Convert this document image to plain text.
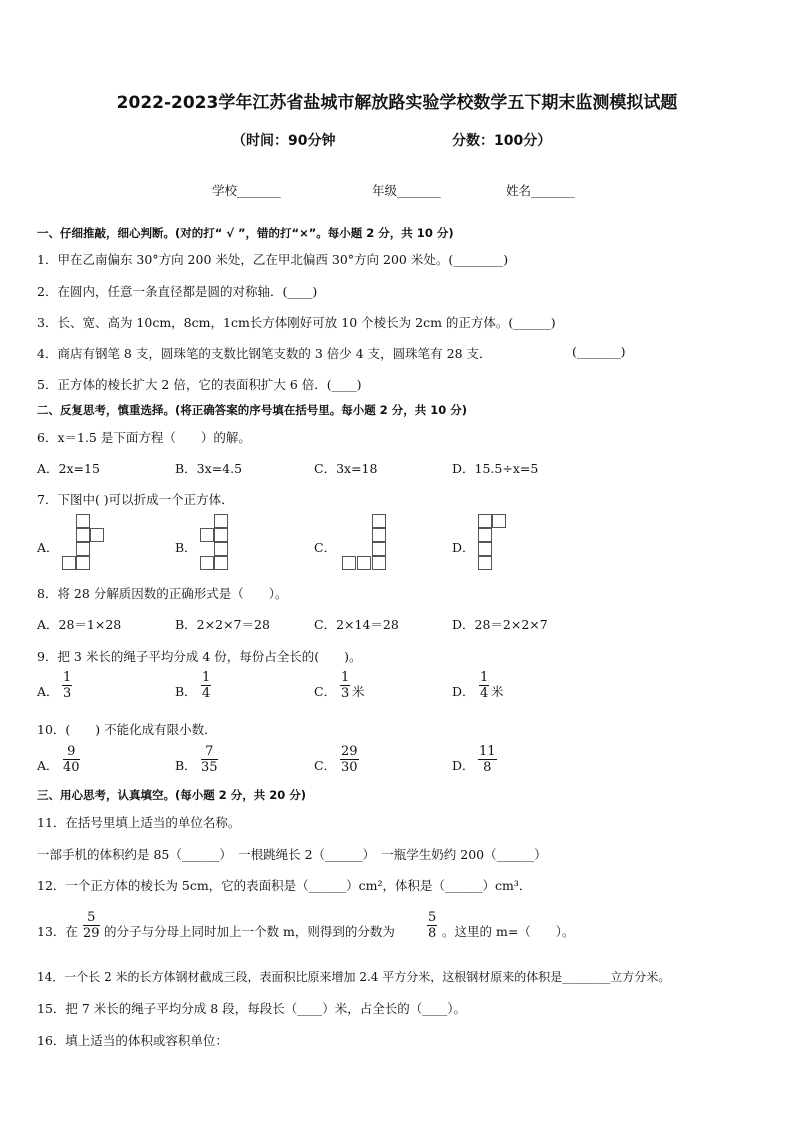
2022-2023学年江苏省盐城市解放路实验学校数学五下期末监测模拟试题
（时间：90分钟	分数：100分）
学校_______	年级_______	姓名_______
一、仔细推敲，细心判断。(对的打“ √ ”，错的打“×”。每小题 2 分，共 10 分)
1．甲在乙南偏东 30°方向 200 米处，乙在甲北偏西 30°方向 200 米处。(________)
2．在圆内，任意一条直径都是圆的对称轴．(____)
3．长、宽、高为 10cm，8cm，1cm长方体刚好可放 10 个棱长为 2cm 的正方体。(______)
4．商店有钢笔 8 支，圆珠笔的支数比钢笔支数的 3 倍少 4 支，圆珠笔有 28 支．	(_______)
5．正方体的棱长扩大 2 倍，它的表面积扩大 6 倍．(____)
二、反复思考，慎重选择。(将正确答案的序号填在括号里。每小题 2 分，共 10 分)
6．x＝1.5 是下面方程（　　）的解。
A．2x=15	B．3x=4.5	C．3x=18	D．15.5÷x=5
7．下图中( )可以折成一个正方体．
A．	B．	C．	D．
8．将 28 分解质因数的正确形式是（　　）。
A．28＝1×28	B．2×2×7＝28	C．2×14＝28	D．28＝2×2×7
9．把 3 米长的绳子平均分成 4 份，每份占全长的(　　)。
A．	B．	C．	D．
$\frac{1}{3}$	$\frac{1}{4}$	$\frac{1}{3}$ 米	$\frac{1}{4}$ 米
10．(　　) 不能化成有限小数．
A．	B．	C．	D．
$\frac{9}{40}$	$\frac{7}{35}$	$\frac{29}{30}$	$\frac{11}{8}$
三、用心思考，认真填空。(每小题 2 分，共 20 分)
11．在括号里填上适当的单位名称。
一部手机的体积约是 85（______）　一根跳绳长 2（______）　一瓶学生奶约 200（______）
12．一个正方体的棱长为 5cm，它的表面积是（______）cm²，体积是（______）cm³．
13．在 $\frac{5}{29}$ 的分子与分母上同时加上一个数 m，则得到的分数为 $\frac{5}{8}$ 。这里的 m=（　　）。
14．一个长 2 米的长方体钢材截成三段，表面积比原来增加 2.4 平方分米，这根钢材原来的体积是________立方分米。
15．把 7 米长的绳子平均分成 8 段，每段长（____）米，占全长的（____）。
16．填上适当的体积或容积单位：
